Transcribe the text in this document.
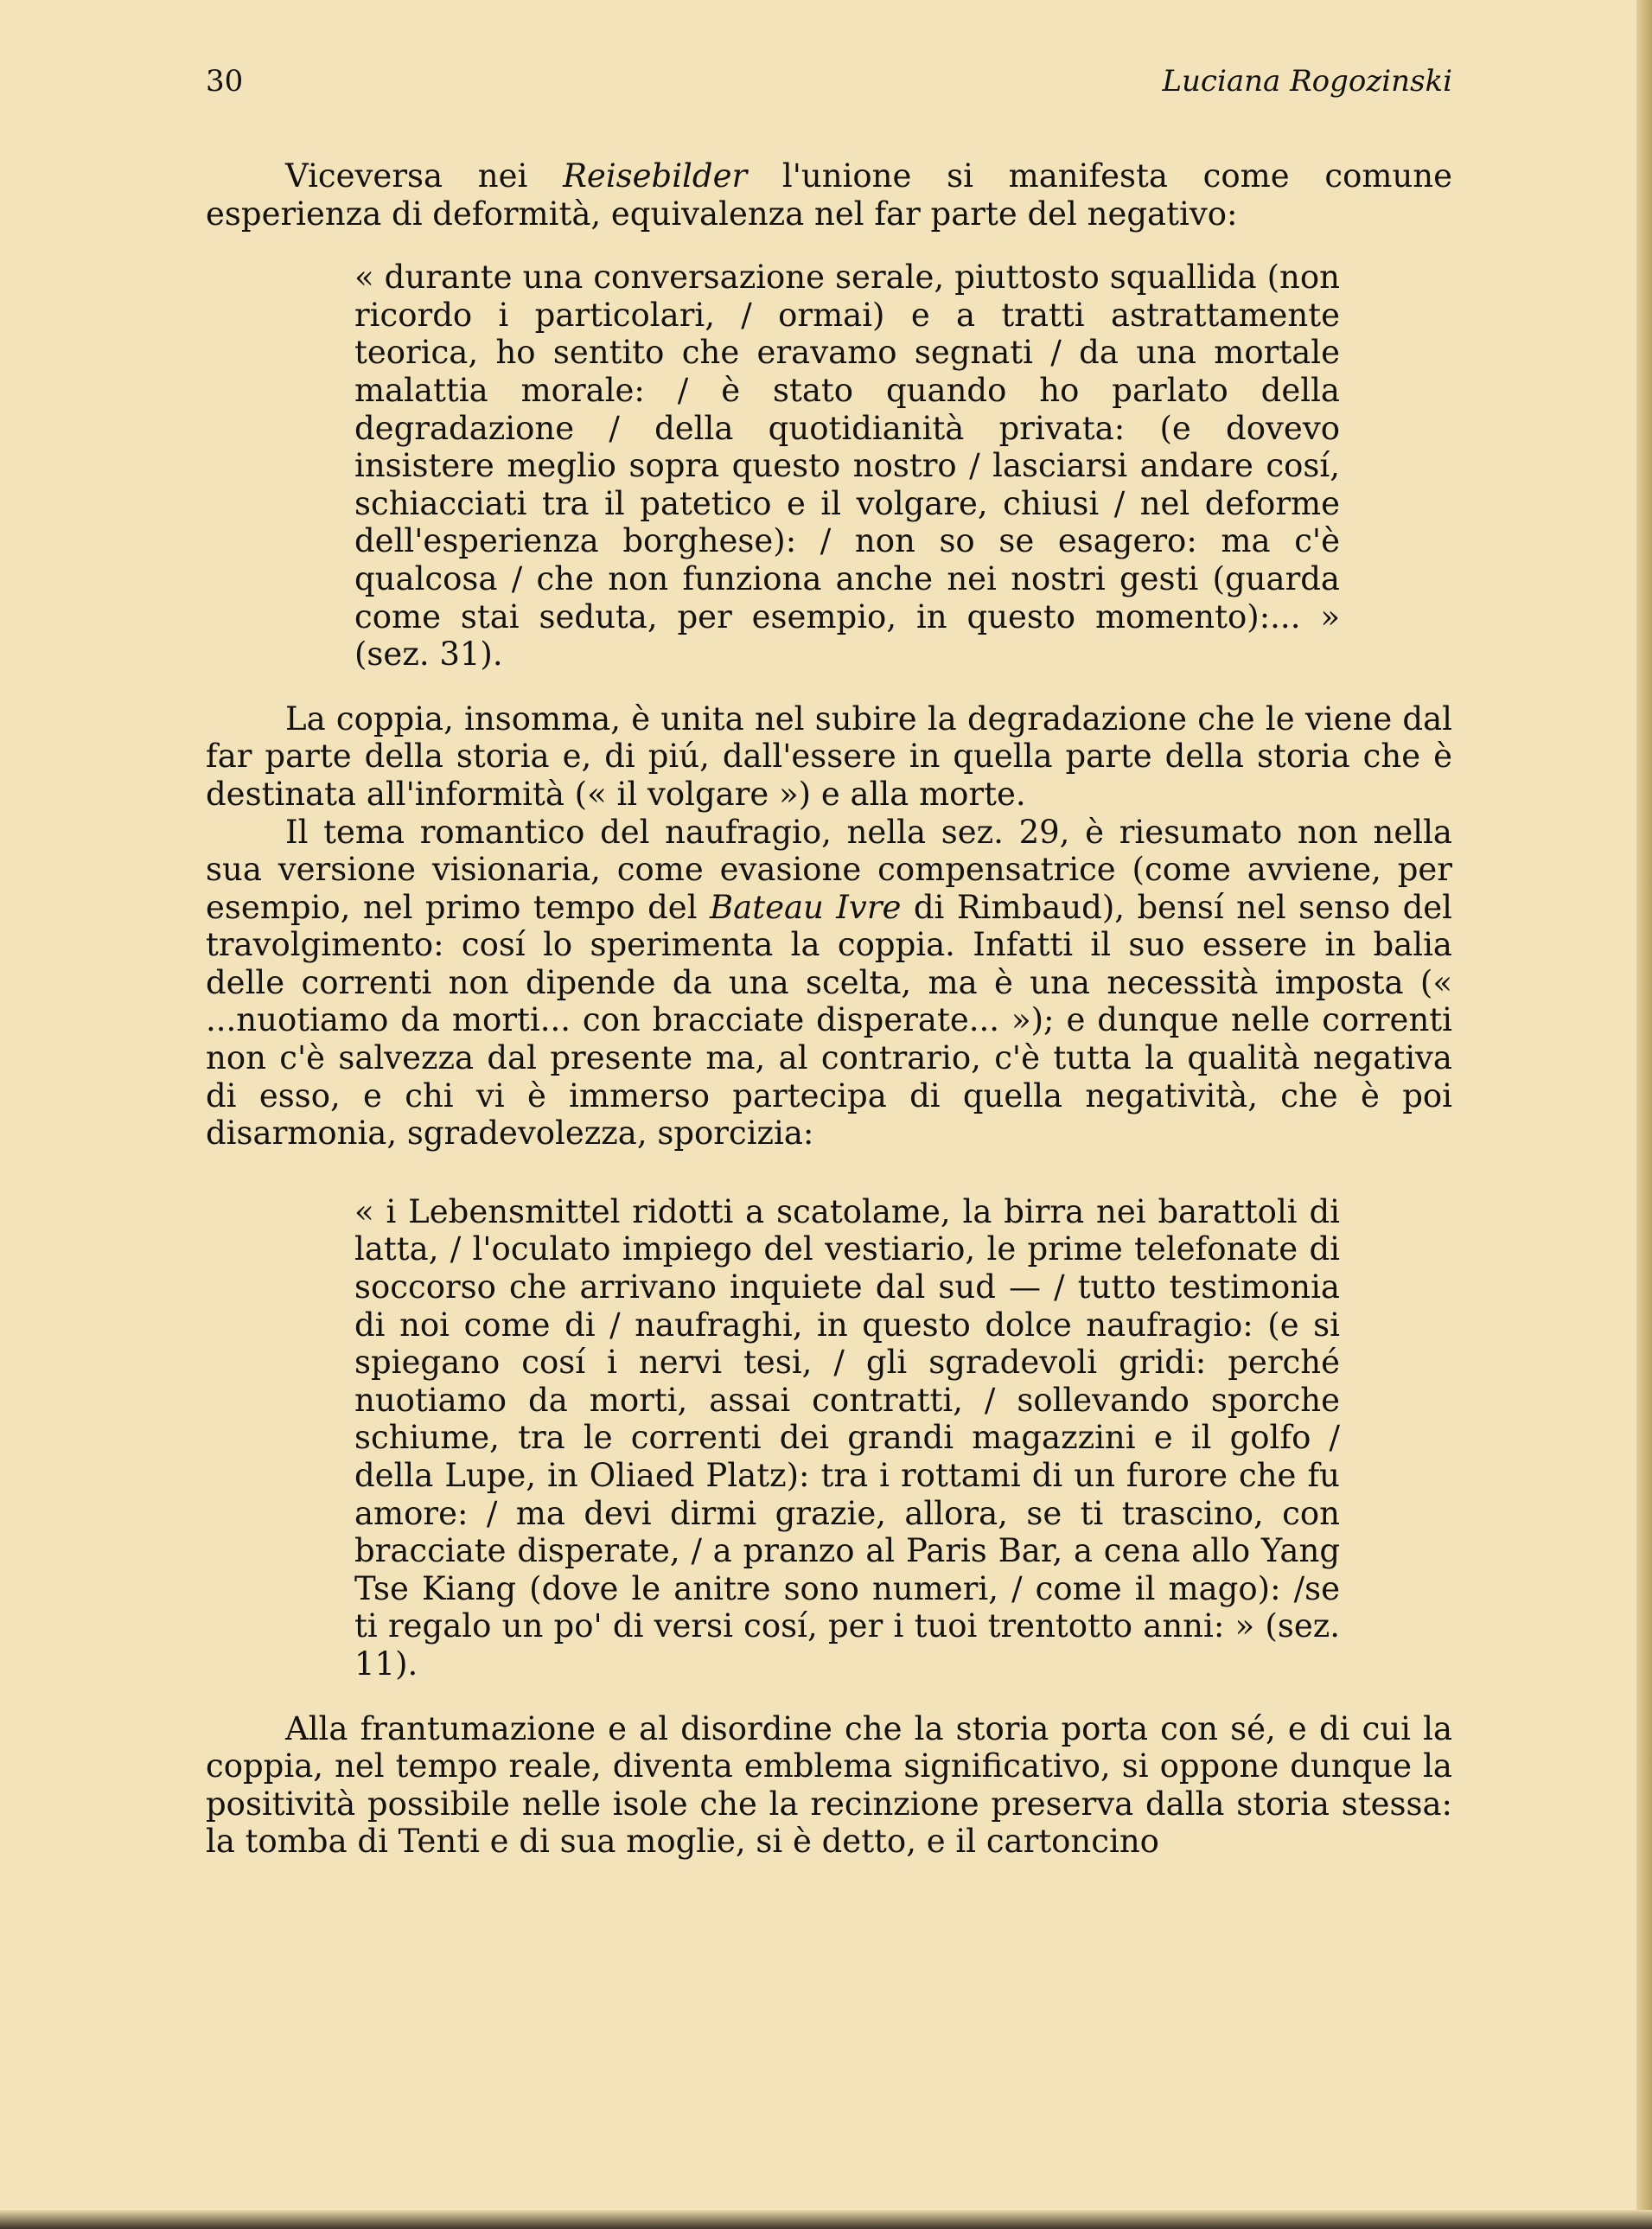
30	Luciana Rogozinski

Viceversa nei Reisebilder l'unione si manifesta come comune esperienza di deformità, equivalenza nel far parte del negativo:

« durante una conversazione serale, piuttosto squallida (non ricordo i particolari, / ormai) e a tratti astrattamente teorica, ho sentito che eravamo segnati / da una mortale malattia morale: / è stato quando ho parlato della degradazione / della quotidianità privata: (e dovevo insistere meglio sopra questo nostro / lasciarsi andare cosí, schiacciati tra il patetico e il volgare, chiusi / nel deforme dell'esperienza borghese): / non so se esagero: ma c'è qualcosa / che non funziona anche nei nostri gesti (guarda come stai seduta, per esempio, in questo momento):... » (sez. 31).

La coppia, insomma, è unita nel subire la degradazione che le viene dal far parte della storia e, di piú, dall'essere in quella parte della storia che è destinata all'informità (« il volgare ») e alla morte.

Il tema romantico del naufragio, nella sez. 29, è riesumato non nella sua versione visionaria, come evasione compensatrice (come avviene, per esempio, nel primo tempo del Bateau Ivre di Rimbaud), bensí nel senso del travolgimento: cosí lo sperimenta la coppia. Infatti il suo essere in balia delle correnti non dipende da una scelta, ma è una necessità imposta (« ...nuotiamo da morti... con bracciate disperate... »); e dunque nelle correnti non c'è salvezza dal presente ma, al contrario, c'è tutta la qualità negativa di esso, e chi vi è immerso partecipa di quella negatività, che è poi disarmonia, sgradevolezza, sporcizia:

« i Lebensmittel ridotti a scatolame, la birra nei barattoli di latta, / l'oculato impiego del vestiario, le prime telefonate di soccorso che arrivano inquiete dal sud — / tutto testimonia di noi come di / naufraghi, in questo dolce naufragio: (e si spiegano cosí i nervi tesi, / gli sgradevoli gridi: perché nuotiamo da morti, assai contratti, / sollevando sporche schiume, tra le correnti dei grandi magazzini e il golfo / della Lupe, in Oliaed Platz): tra i rottami di un furore che fu amore: / ma devi dirmi grazie, allora, se ti trascino, con bracciate disperate, / a pranzo al Paris Bar, a cena allo Yang Tse Kiang (dove le anitre sono numeri, / come il mago): /se ti regalo un po' di versi cosí, per i tuoi trentotto anni: » (sez. 11).

Alla frantumazione e al disordine che la storia porta con sé, e di cui la coppia, nel tempo reale, diventa emblema significativo, si oppone dunque la positività possibile nelle isole che la recinzione preserva dalla storia stessa: la tomba di Tenti e di sua moglie, si è detto, e il cartoncino
